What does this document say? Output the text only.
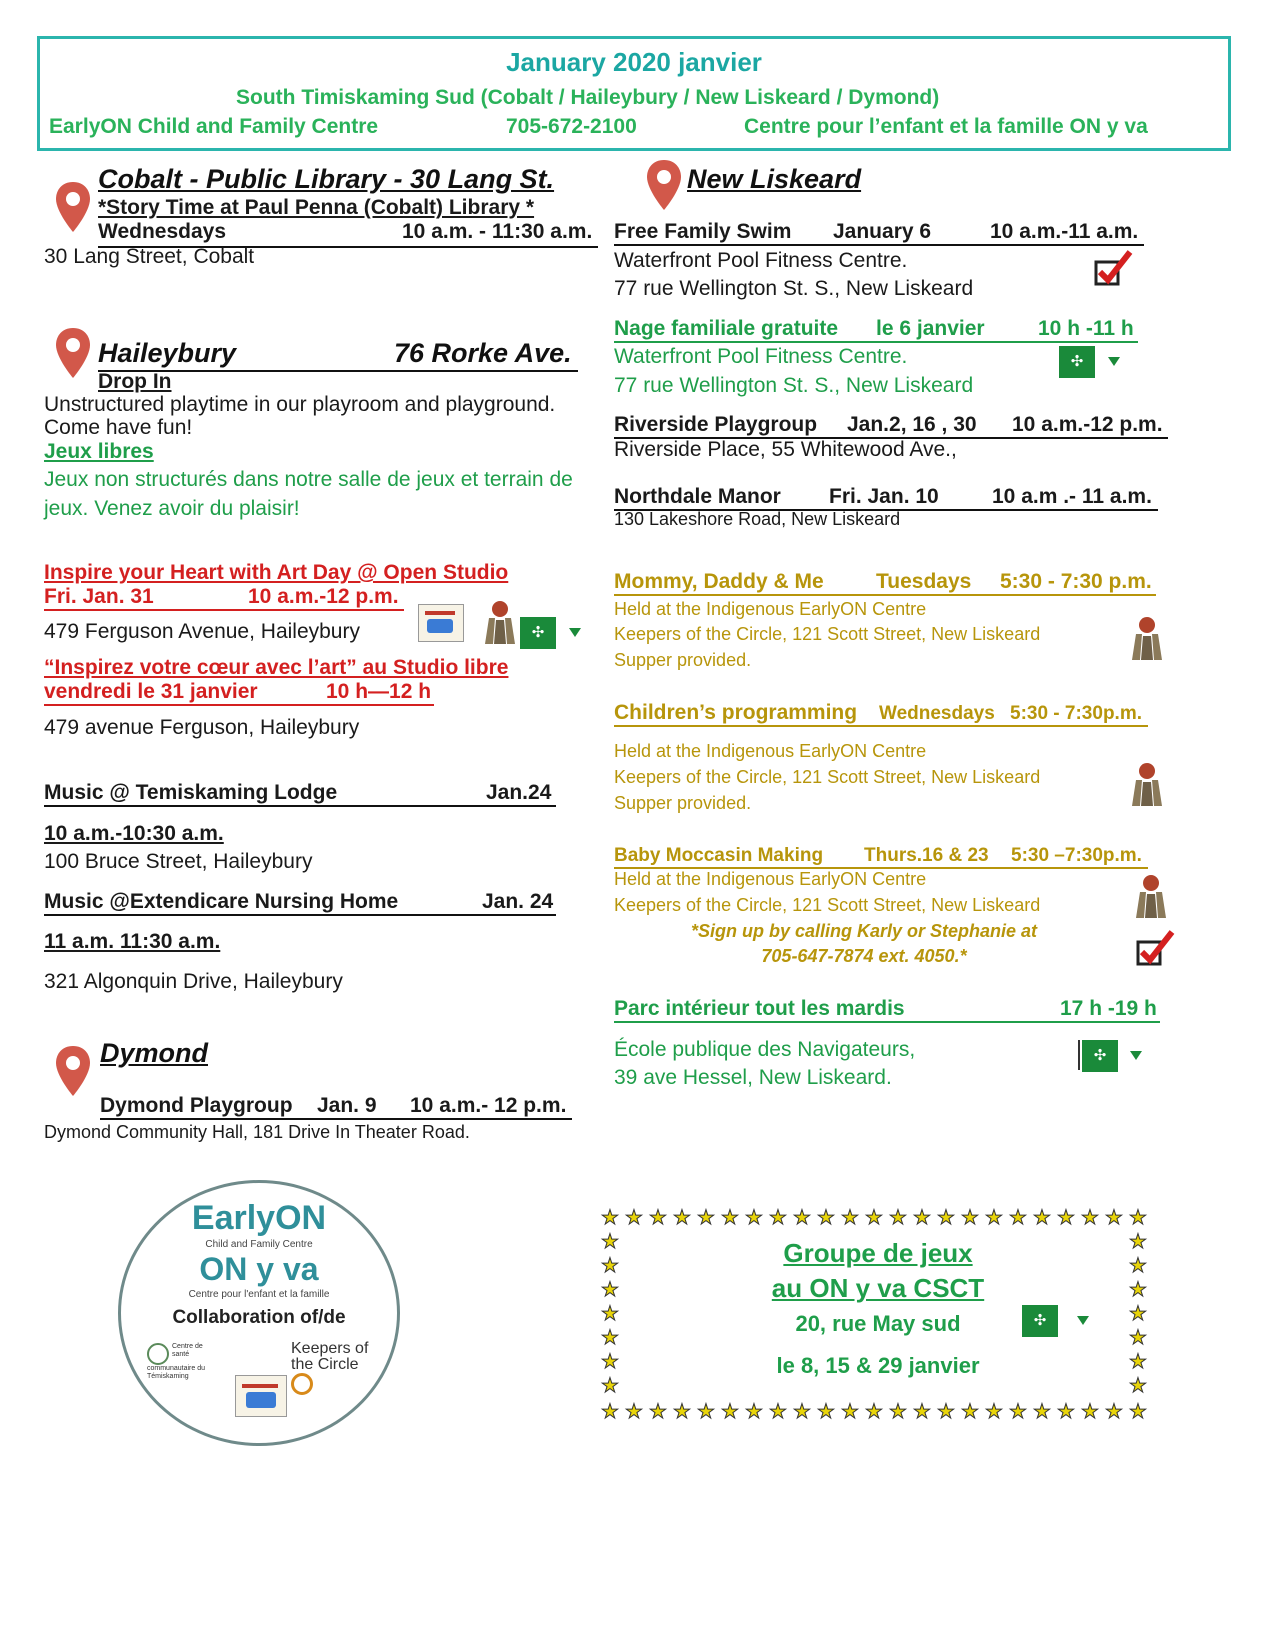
January 2020 janvier
South Timiskaming Sud (Cobalt / Haileybury / New Liskeard / Dymond)
EarlyON Child and Family Centre	705-672-2100	Centre pour l’enfant et la famille ON y va
Cobalt - Public Library - 30 Lang St.
*Story Time at Paul Penna (Cobalt) Library *
Wednesdays	10 a.m. - 11:30 a.m.
30 Lang Street, Cobalt
Haileybury	76 Rorke Ave.
Drop In
Unstructured playtime in our playroom and playground.
Come have fun!
Jeux libres
Jeux non structurés dans notre salle de jeux et terrain de
jeux. Venez avoir du plaisir!
Inspire your Heart with Art Day @ Open Studio
Fri. Jan. 31	10 a.m.-12 p.m.
479 Ferguson Avenue, Haileybury	✣
“Inspirez votre cœur avec l’art” au Studio libre
vendredi le 31 janvier	10 h—12 h
479 avenue Ferguson, Haileybury
Music @ Temiskaming Lodge	Jan.24
10 a.m.-10:30 a.m.
100 Bruce Street, Haileybury
Music @Extendicare Nursing Home	Jan. 24
11 a.m. 11:30 a.m.
321 Algonquin Drive, Haileybury
Dymond
Dymond Playgroup Jan. 9 10 a.m.- 12 p.m.
Dymond Community Hall, 181 Drive In Theater Road.
EarlyON
Child and Family Centre
ON y va
Centre pour l'enfant et la famille
Collaboration of/de
Centre de santé communautaire du Témiskaming
Keepers of the Circle
New Liskeard
Free Family Swim January 6	10 a.m.-11 a.m.
Waterfront Pool Fitness Centre.
77 rue Wellington St. S., New Liskeard
Nage familiale gratuite le 6 janvier	10 h -11 h
Waterfront Pool Fitness Centre.
77 rue Wellington St. S., New Liskeard
✣
Riverside Playgroup Jan.2, 16 , 30 10 a.m.-12 p.m.
Riverside Place, 55 Whitewood Ave.,
Northdale Manor Fri. Jan. 10	10 a.m .- 11 a.m.
130 Lakeshore Road, New Liskeard
Mommy, Daddy & Me Tuesdays 5:30 - 7:30 p.m.
Held at the Indigenous EarlyON Centre
Keepers of the Circle, 121 Scott Street, New Liskeard
Supper provided.
Children’s programming Wednesdays 5:30 - 7:30p.m.
Held at the Indigenous EarlyON Centre
Keepers of the Circle, 121 Scott Street, New Liskeard
Supper provided.
Baby Moccasin Making Thurs.16 & 23 5:30 –7:30p.m.
Held at the Indigenous EarlyON Centre
Keepers of the Circle, 121 Scott Street, New Liskeard
*Sign up by calling Karly or Stephanie at
705-647-7874 ext. 4050.*
Parc intérieur tout les mardis	17 h -19 h
École publique des Navigateurs,
39 ave Hessel, New Liskeard.
✣
★
★
★
★
★
★
★
★
★
★
★
★
★
★
★
★
★
★
★
★
★
★
★
★
★
★
★
★
★
★
★
★
★
★
★
★
★
★
★
★
★
★
★
★
★
★
★	★
★	★
★	★
★	★
★	★
★	★
★	★
Groupe de jeux
au ON y va CSCT
20, rue May sud
le 8, 15 & 29 janvier
✣
